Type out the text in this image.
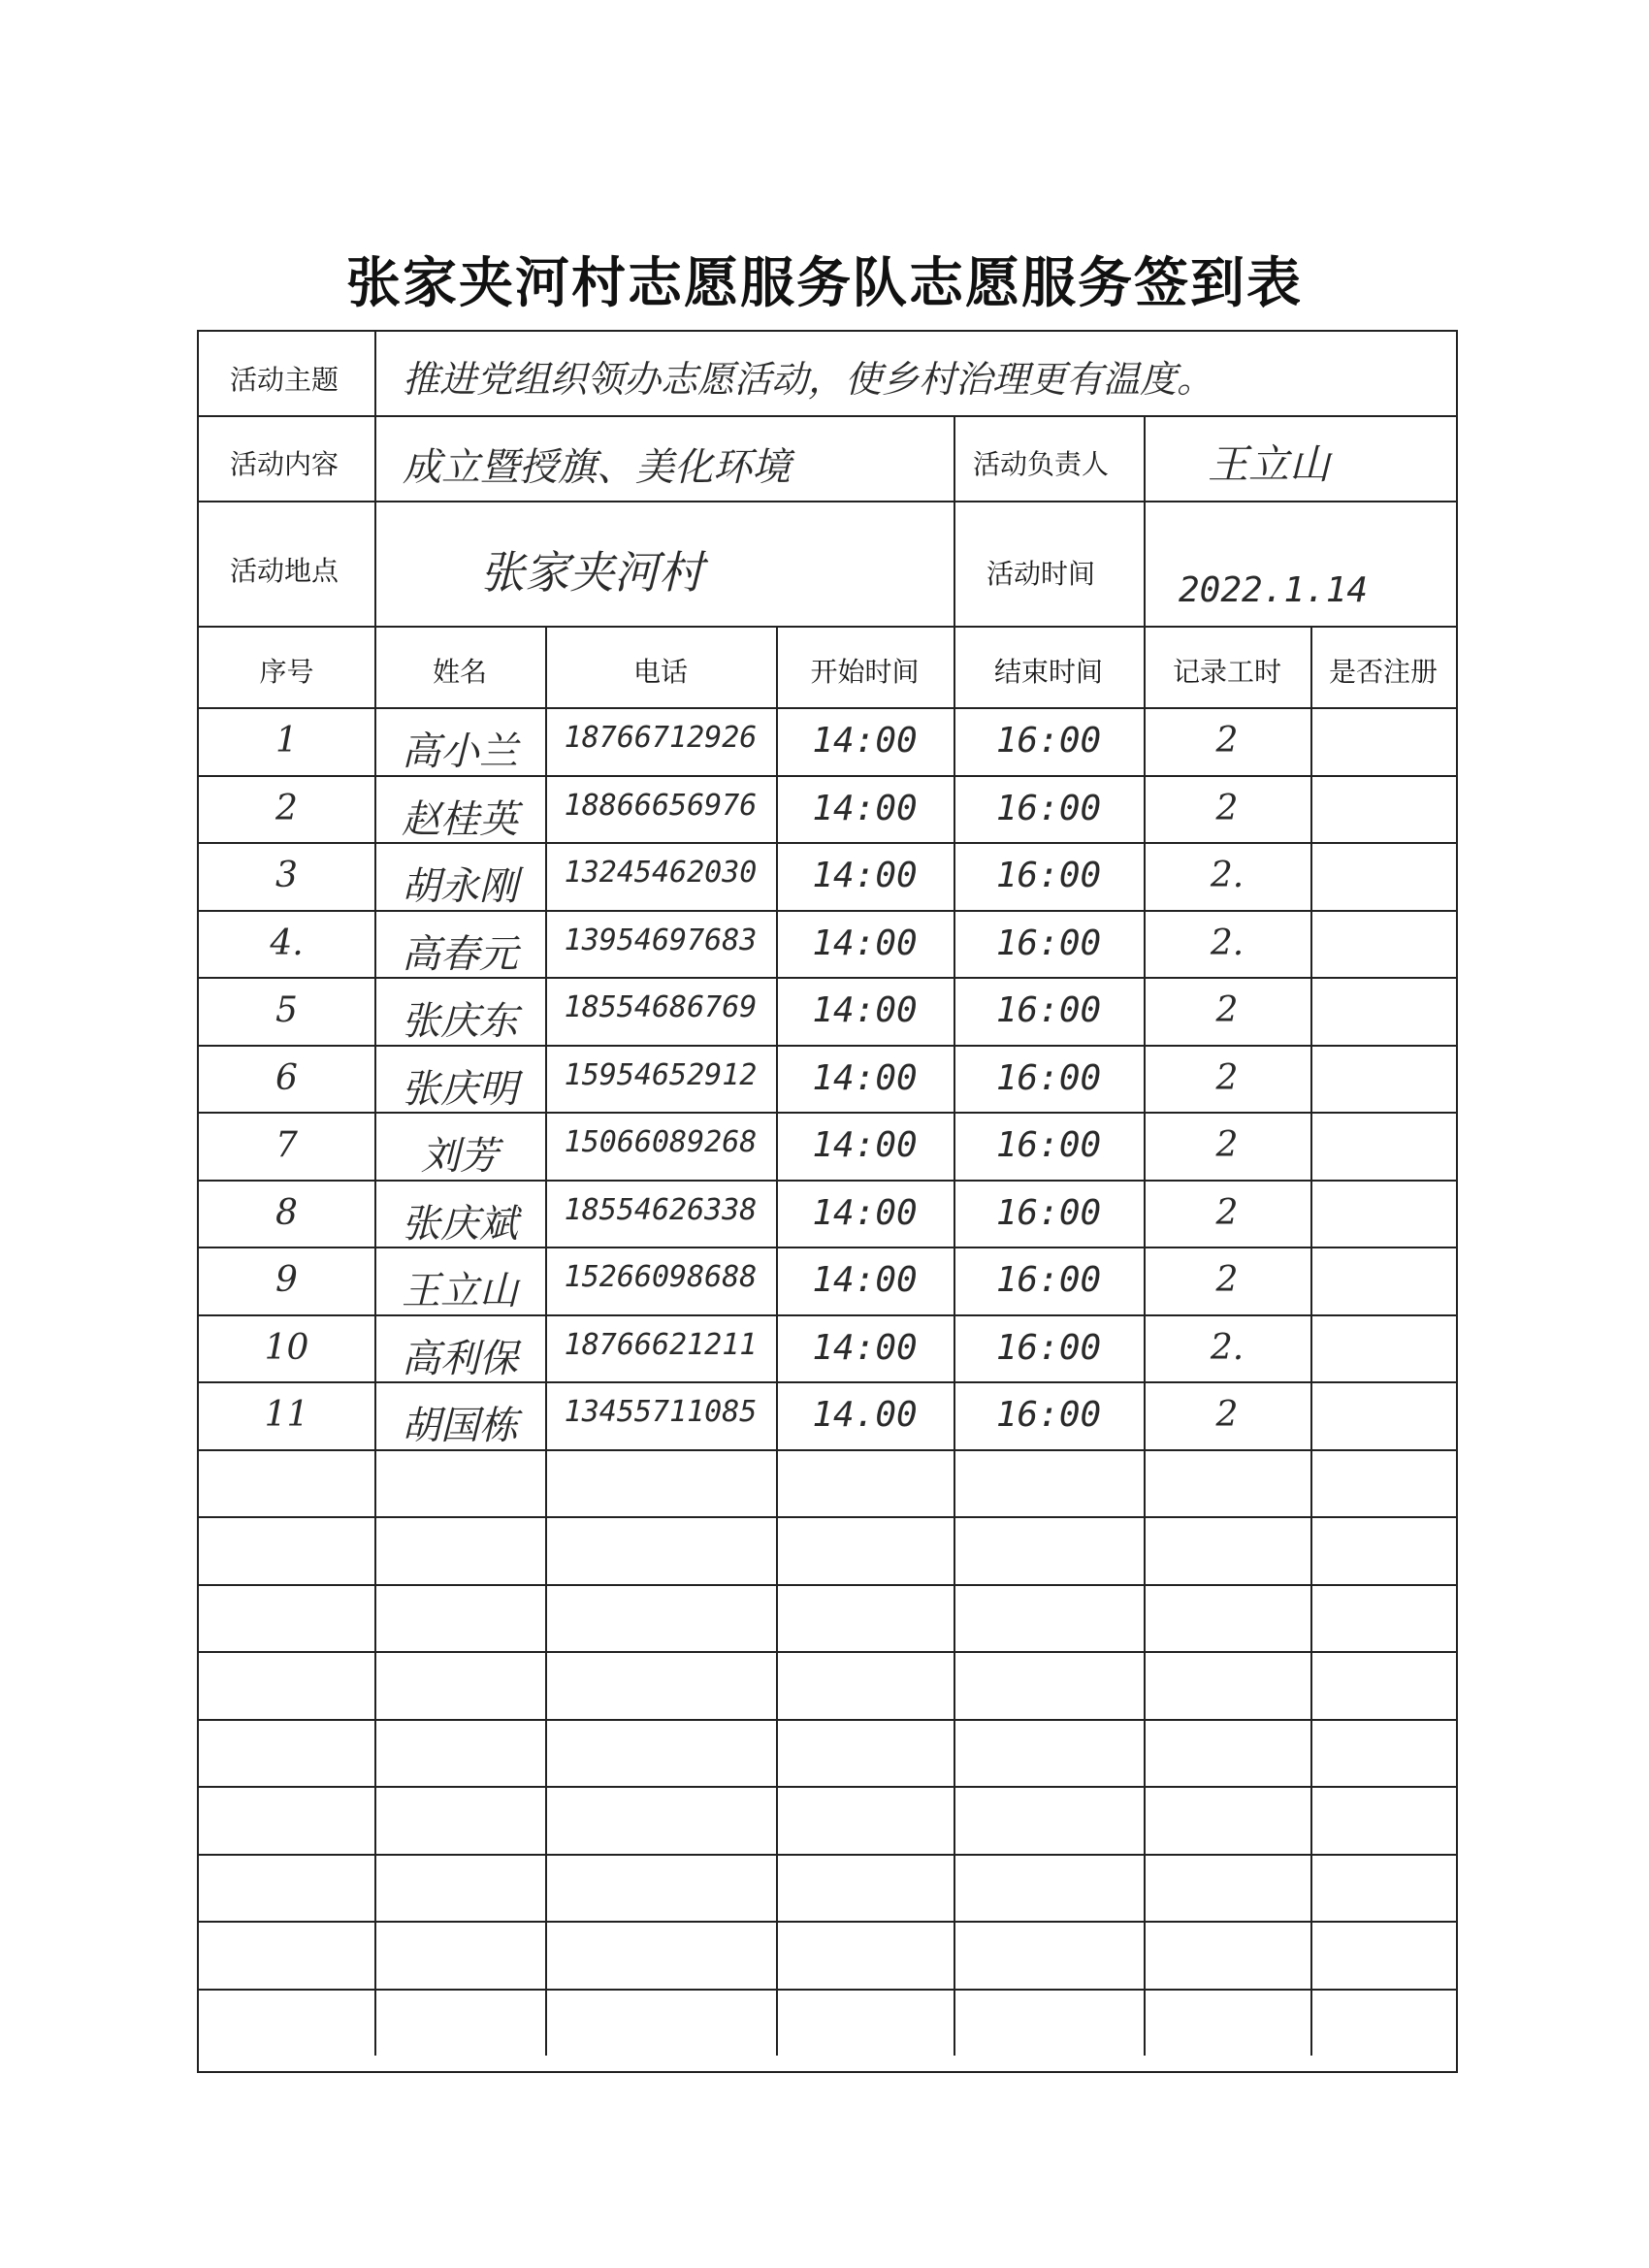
张家夹河村志愿服务队志愿服务签到表
活动主题 推进党组织领办志愿活动，使乡村治理更有温度。
活动内容 成立暨授旗、美化环境	活动负责人 王立山
活动地点	张家夹河村	活动时间 2022.1.14
序号	姓名	电话	开始时间	结束时间	记录工时	是否注册
1	高小兰	18766712926	14:00	16:00	2
2	赵桂英	18866656976	14:00	16:00	2
3	胡永刚	13245462030	14:00	16:00	2.
4.	高春元	13954697683	14:00	16:00	2.
5	张庆东	18554686769	14:00	16:00	2
6	张庆明	15954652912	14:00	16:00	2
7	刘芳	15066089268	14:00	16:00	2
8	张庆斌	18554626338	14:00	16:00	2
9	王立山	15266098688	14:00	16:00	2
10	高利保	18766621211	14:00	16:00	2.
11	胡国栋	13455711085	14.00	16:00	2
